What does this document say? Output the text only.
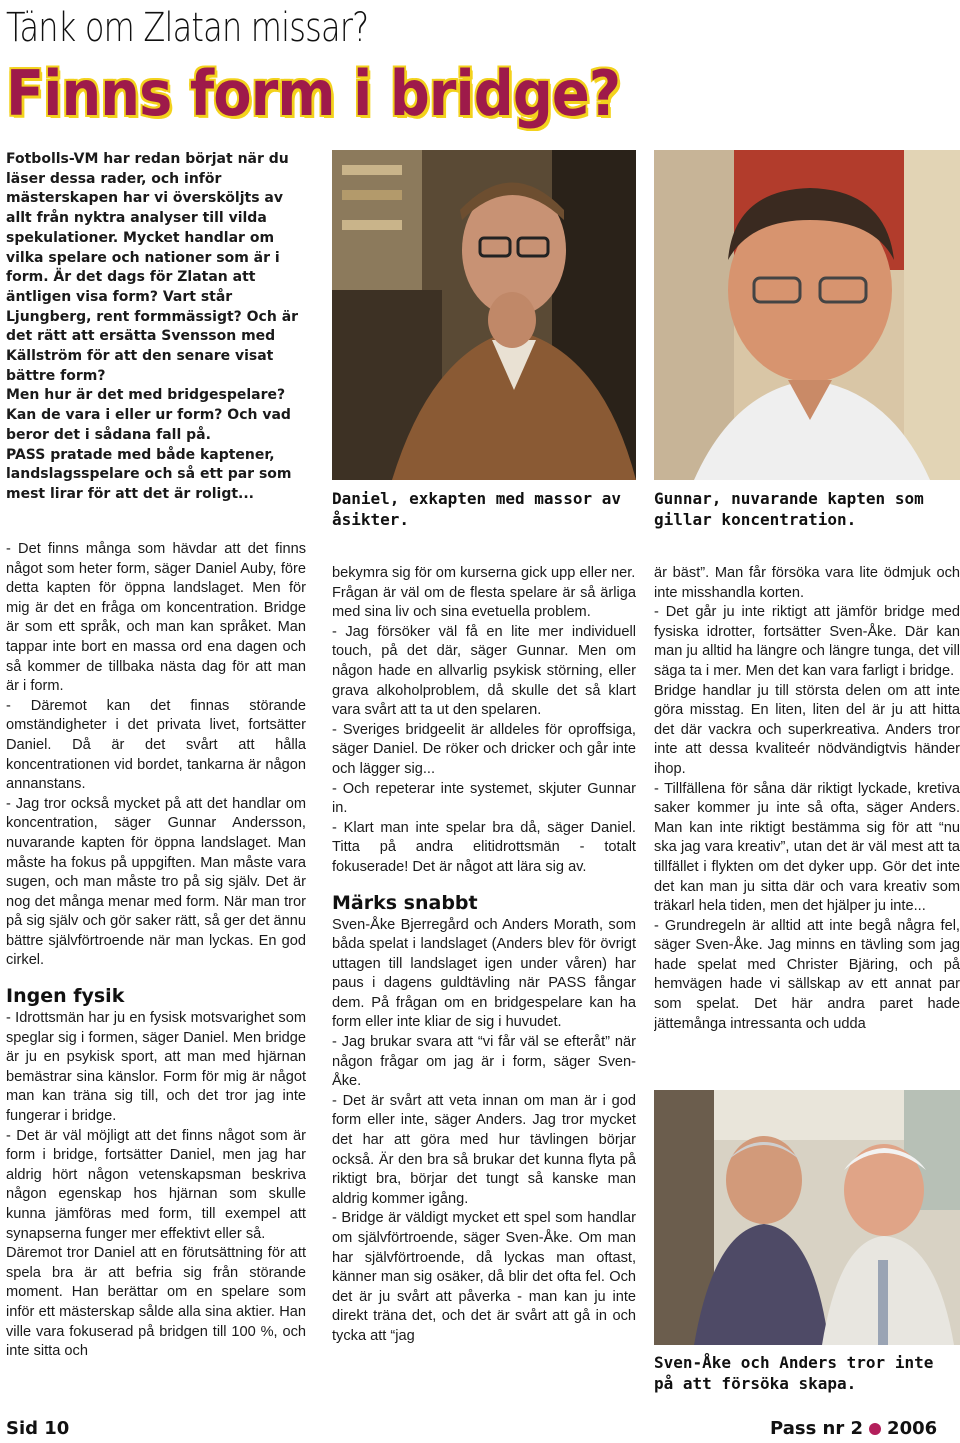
Tänk om Zlatan missar?
Finns form i bridge?

Fotbolls-VM har redan börjat när du läser dessa rader, och inför mästerskapen har vi översköljts av allt från nyktra analyser till vilda spekulationer. Mycket handlar om vilka spelare och nationer som är i form. Är det dags för Zlatan att äntligen visa form? Vart står Ljungberg, rent formmässigt? Och är det rätt att ersätta Svensson med Källström för att den senare visat bättre form?

Men hur är det med bridgespelare? Kan de vara i eller ur form? Och vad beror det i sådana fall på.

PASS pratade med både kaptener, landslagsspelare och så ett par som mest lirar för att det är roligt...	Daniel, exkapten med massor av åsikter.
Gunnar, nuvarande kapten som gillar koncentration.

- Det finns många som hävdar att det finns något som heter form, säger Daniel Auby, före detta kapten för öppna landslaget. Men för mig är det en fråga om koncentration. Bridge är som ett språk, och man kan språket. Man tappar inte bort en massa ord ena dagen och så kommer de tillbaka nästa dag för att man är i form.

- Däremot kan det finnas störande omständigheter i det privata livet, fortsätter Daniel. Då är det svårt att hålla koncentrationen vid bordet, tankarna är någon annanstans.

- Jag tror också mycket på att det handlar om koncentration, säger Gunnar Andersson, nuvarande kapten för öppna landslaget. Man måste ha fokus på uppgiften. Man måste vara sugen, och man måste tro på sig själv. Det är nog det många menar med form. När man tror på sig själv och gör saker rätt, så ger det ännu bättre självförtroende när man lyckas. En god cirkel.

Ingen fysik

- Idrottsmän har ju en fysisk motsvarighet som speglar sig i formen, säger Daniel. Men bridge är ju en psykisk sport, att man med hjärnan bemästrar sina känslor. Form för mig är något man kan träna sig till, och det tror jag inte fungerar i bridge.

- Det är väl möjligt att det finns något som är form i bridge, fortsätter Daniel, men jag har aldrig hört någon vetenskapsman beskriva någon egenskap hos hjärnan som skulle kunna jämföras med form, till exempel att synapserna funger mer effektivt eller så.

Däremot tror Daniel att en förutsättning för att spela bra är att befria sig från störande moment. Han berättar om en spelare som inför ett mästerskap sålde alla sina aktier. Han ville vara fokuserad på bridgen till 100 %, och inte sitta och

bekymra sig för om kurserna gick upp eller ner.

Frågan är väl om de flesta spelare är så ärliga med sina liv och sina evetuella problem.

- Jag försöker väl få en lite mer individuell touch, på det där, säger Gunnar. Men om någon hade en allvarlig psykisk störning, eller grava alkoholproblem, då skulle det så klart vara svårt att ta ut den spelaren.

- Sveriges bridgeelit är alldeles för oproffsiga, säger Daniel. De röker och dricker och går inte och lägger sig...

- Och repeterar inte systemet, skjuter Gunnar in.

- Klart man inte spelar bra då, säger Daniel. Titta på andra elitidrottsmän - totalt fokuserade! Det är något att lära sig av.

Märks snabbt

Sven-Åke Bjerregård och Anders Morath, som båda spelat i landslaget (Anders blev för övrigt uttagen till landslaget igen under våren) har paus i dagens guldtävling när PASS fångar dem. På frågan om en bridgespelare kan ha form eller inte kliar de sig i huvudet.

- Jag brukar svara att “vi får väl se efteråt” när någon frågar om jag är i form, säger Sven-Åke.

- Det är svårt att veta innan om man är i god form eller inte, säger Anders. Jag tror mycket det har att göra med hur tävlingen börjar också. Är den bra så brukar det kunna flyta på riktigt bra, börjar det tungt så kanske man aldrig kommer igång.

- Bridge är väldigt mycket ett spel som handlar om självförtroende, säger Sven-Åke. Om man har självförtroende, då lyckas man oftast, känner man sig osäker, då blir det ofta fel. Och det är ju svårt att påverka - man kan ju inte direkt träna det, och det är svårt att gå in och tycka att “jag

är bäst”. Man får försöka vara lite ödmjuk och inte misshandla korten.

- Det går ju inte riktigt att jämför bridge med fysiska idrotter, fortsätter Sven-Åke. Där kan man ju alltid ha längre och längre tunga, det vill säga ta i mer. Men det kan vara farligt i bridge.

Bridge handlar ju till största delen om att inte göra misstag. En liten, liten del är ju att hitta det där vackra och superkreativa. Anders tror inte att dessa kvaliteér nödvändigtvis händer ihop.

- Tillfällena för såna där riktigt lyckade, kretiva saker kommer ju inte så ofta, säger Anders. Man kan inte riktigt bestämma sig för att “nu ska jag vara kreativ”, utan det är väl mest att ta tillfället i flykten om det dyker upp. Gör det inte det kan man ju sitta där och vara kreativ som träkarl hela tiden, men det hjälper ju inte...

- Grundregeln är alltid att inte begå några fel, säger Sven-Åke. Jag minns en tävling som jag hade spelat med Christer Bjäring, och på hemvägen hade vi sällskap av ett annat par som spelat. Det här andra paret hade jättemånga intressanta och udda

Sven-Åke och Anders tror inte på att försöka skapa.
Sid 10	Pass nr 2 2006
